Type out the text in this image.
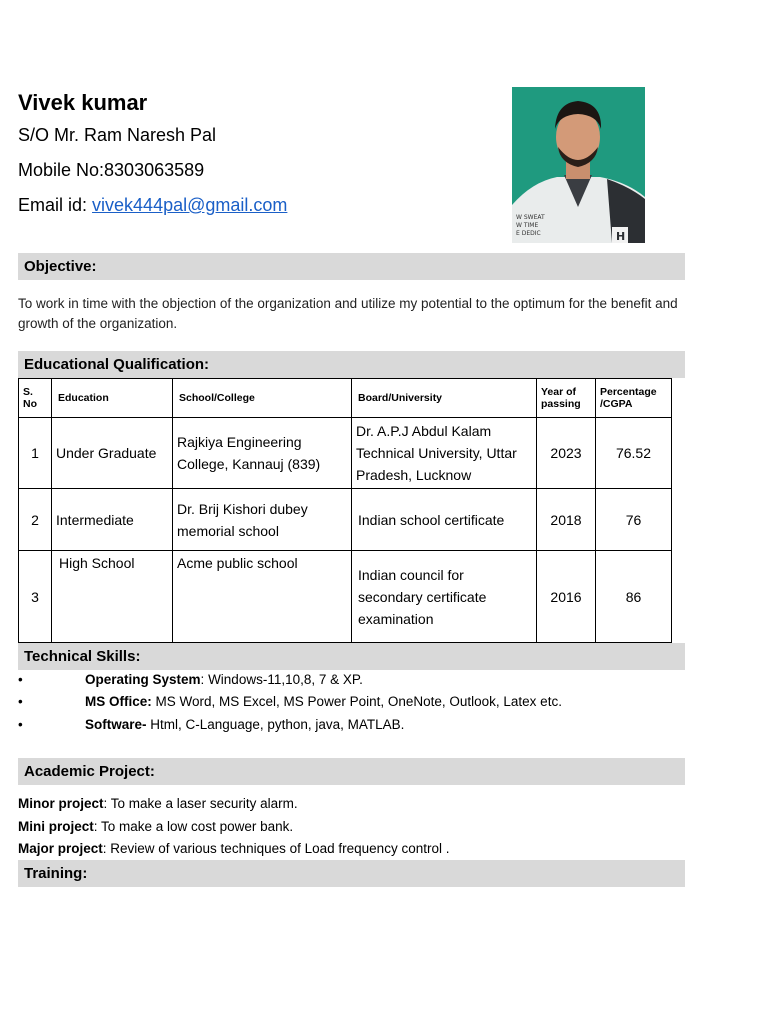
Vivek kumar
S/O Mr. Ram Naresh Pal
Mobile No:8303063589
Email id: vivek444pal@gmail.com
W SWEAT
W TIME
E DEDIC	H
Objective:
To work in time with the objection of the organization and utilize my potential to the optimum for the benefit and growth of the organization.
Educational Qualification:
S. No	Education	School/College	Board/University	Year of passing	Percentage /CGPA
1	Under Graduate	Rajkiya Engineering College, Kannauj (839)	Dr. A.P.J Abdul Kalam Technical University, Uttar Pradesh, Lucknow	2023	76.52
2	Intermediate	Dr. Brij Kishori dubey memorial school	Indian school certificate	2018	76
3	High School	Acme public school	Indian council for secondary certificate examination	2016	86
Technical Skills:
•	Operating System: Windows-11,10,8, 7 & XP.
•	MS Office: MS Word, MS Excel, MS Power Point, OneNote, Outlook, Latex etc.
•	Software- Html, C-Language, python, java, MATLAB.
Academic Project:
Minor project: To make a laser security alarm.
Mini project: To make a low cost power bank.
Major project: Review of various techniques of Load frequency control .
Training:
